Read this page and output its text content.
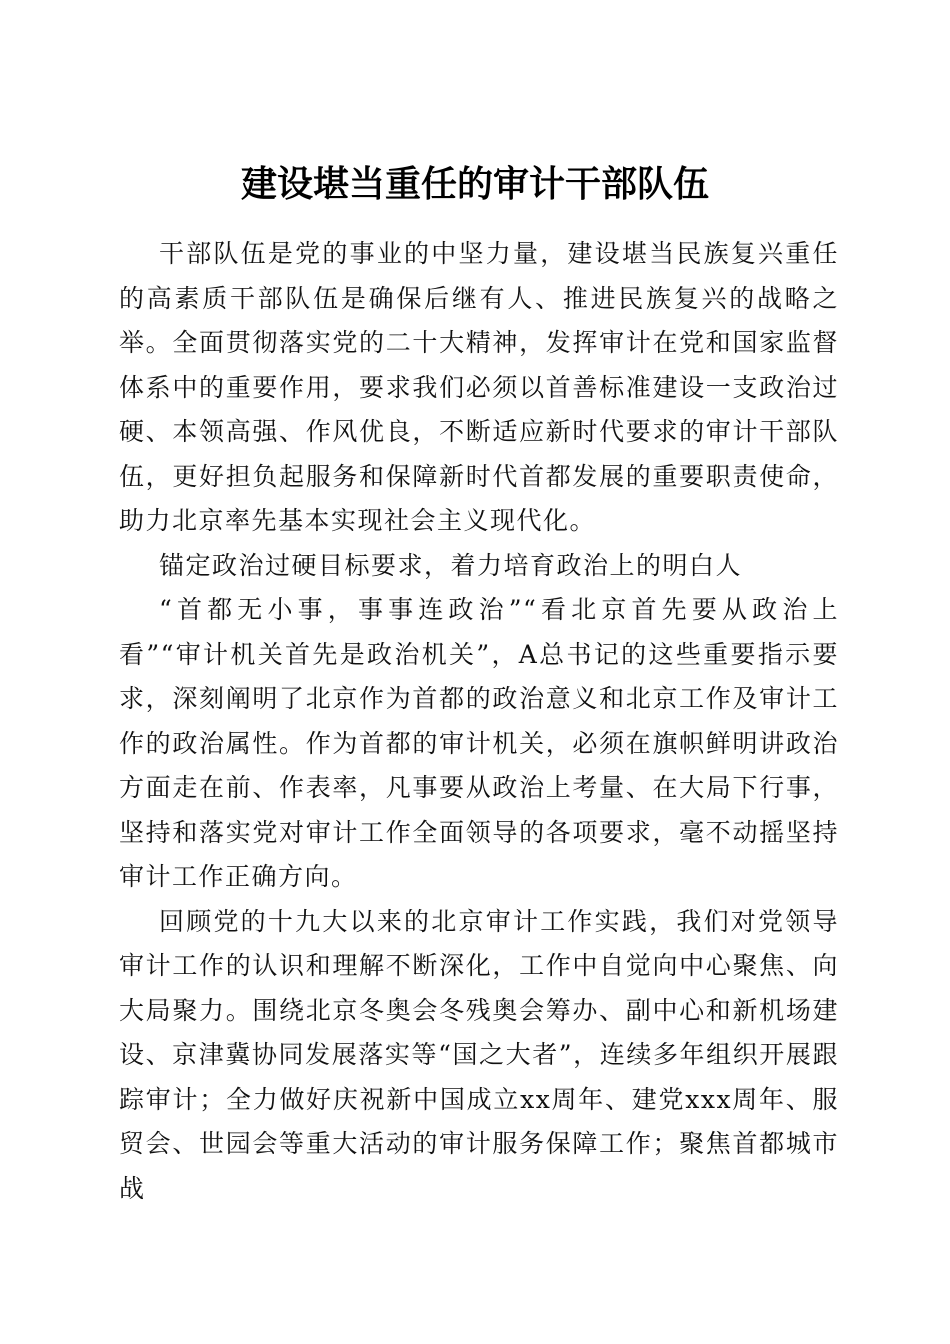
建设堪当重任的审计干部队伍

干部队伍是党的事业的中坚力量，建设堪当民族复兴重任的高素质干部队伍是确保后继有人、推进民族复兴的战略之举。全面贯彻落实党的二十大精神，发挥审计在党和国家监督体系中的重要作用，要求我们必须以首善标准建设一支政治过硬、本领高强、作风优良，不断适应新时代要求的审计干部队伍，更好担负起服务和保障新时代首都发展的重要职责使命，助力北京率先基本实现社会主义现代化。

锚定政治过硬目标要求，着力培育政治上的明白人

“首都无小事，事事连政治”“看北京首先要从政治上看”“审计机关首先是政治机关”，A总书记的这些重要指示要求，深刻阐明了北京作为首都的政治意义和北京工作及审计工作的政治属性。作为首都的审计机关，必须在旗帜鲜明讲政治方面走在前、作表率，凡事要从政治上考量、在大局下行事，坚持和落实党对审计工作全面领导的各项要求，毫不动摇坚持审计工作正确方向。

回顾党的十九大以来的北京审计工作实践，我们对党领导审计工作的认识和理解不断深化，工作中自觉向中心聚焦、向大局聚力。围绕北京冬奥会冬残奥会筹办、副中心和新机场建设、京津冀协同发展落实等“国之大者”，连续多年组织开展跟踪审计；全力做好庆祝新中国成立xx周年、建党xxx周年、服贸会、世园会等重大活动的审计服务保障工作；聚焦首都城市战
